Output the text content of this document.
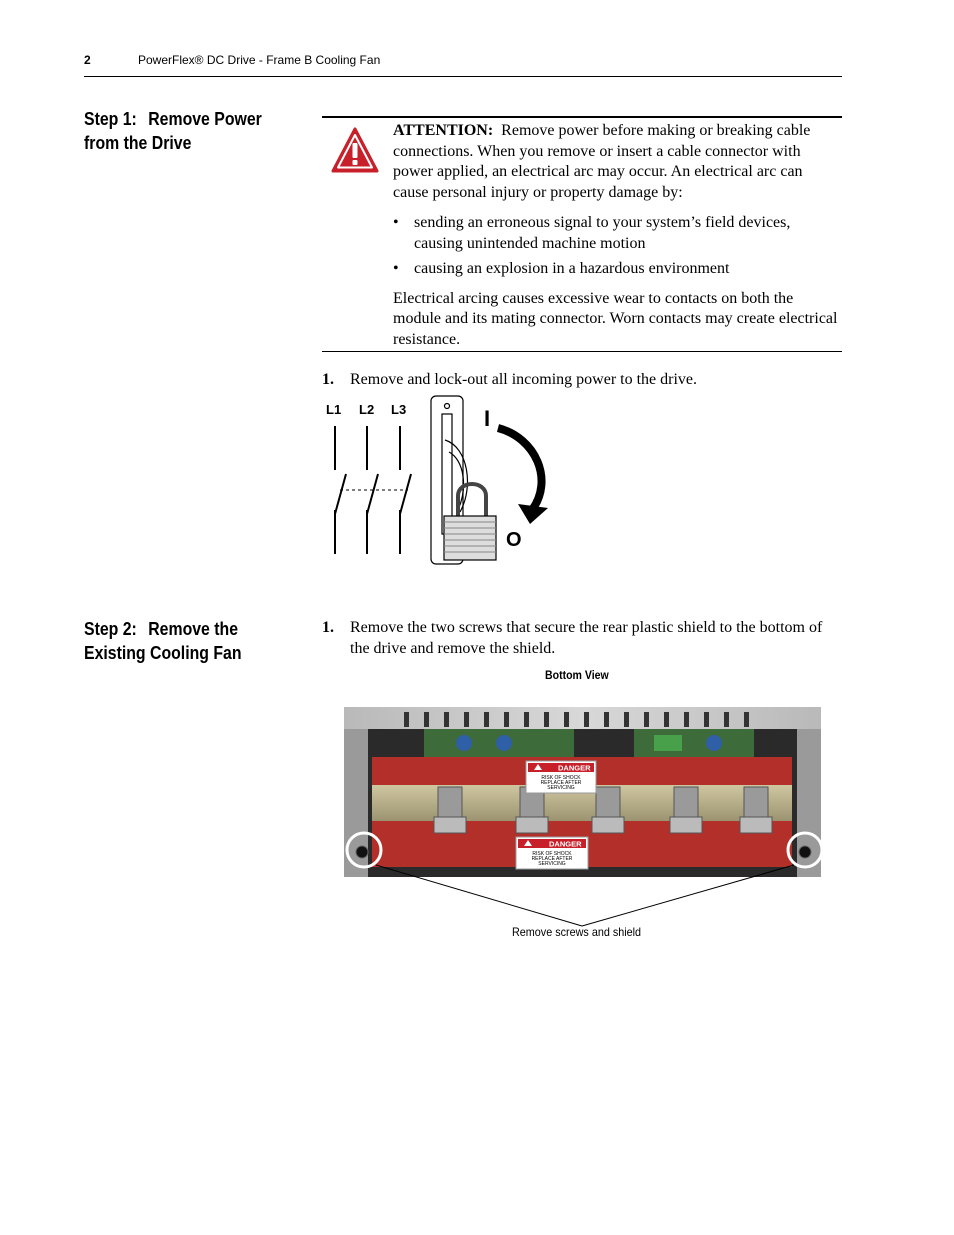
2	PowerFlex® DC Drive - Frame B Cooling Fan
Step 1: Remove Power
from the Drive

ATTENTION: Remove power before making or breaking cable connections. When you remove or insert a cable connector with power applied, an electrical arc may occur. An electrical arc can cause personal injury or property damage by:

• sending an erroneous signal to your system’s field devices, causing unintended machine motion
• causing an explosion in a hazardous environment

Electrical arcing causes excessive wear to contacts on both the module and its mating connector. Worn contacts may create electrical resistance.

1. Remove and lock-out all incoming power to the drive.
L1 L2 L3	I
O
Step 2: Remove the
Existing Cooling Fan
1. Remove the two screws that secure the rear plastic shield to the bottom of the drive and remove the shield.
Bottom View
DANGER
RISK OF SHOCK
REPLACE AFTER
SERVICING
DANGER
RISK OF SHOCK
REPLACE AFTER
SERVICING
Remove screws and shield
